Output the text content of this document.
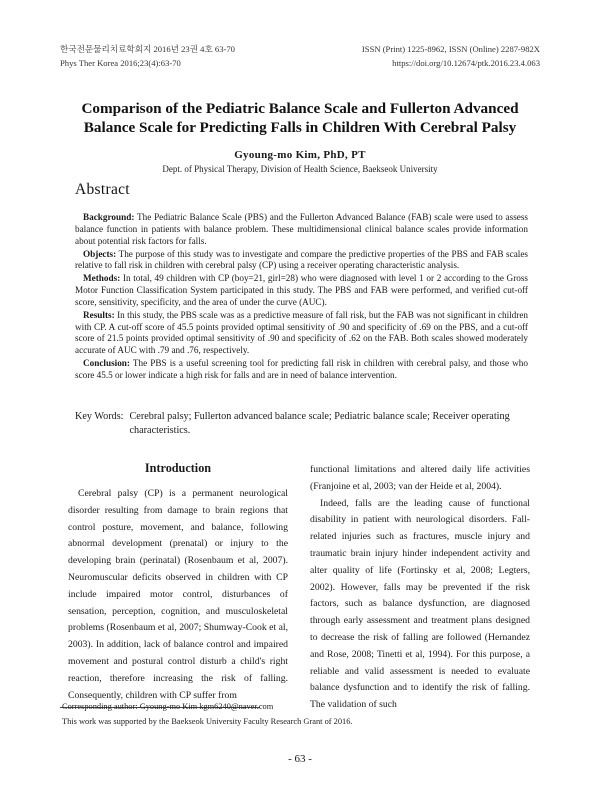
한국전문물리치료학회지 2016년 23권 4호 63-70
Phys Ther Korea 2016;23(4):63-70
ISSN (Print) 1225-8962, ISSN (Online) 2287-982X
https://doi.org/10.12674/ptk.2016.23.4.063
Comparison of the Pediatric Balance Scale and Fullerton Advanced
Balance Scale for Predicting Falls in Children With Cerebral Palsy
Gyoung-mo Kim, PhD, PT
Dept. of Physical Therapy, Division of Health Science, Baekseok University
Abstract

Background: The Pediatric Balance Scale (PBS) and the Fullerton Advanced Balance (FAB) scale were used to assess balance function in patients with balance problem. These multidimensional clinical balance scales provide information about potential risk factors for falls.

Objects: The purpose of this study was to investigate and compare the predictive properties of the PBS and FAB scales relative to fall risk in children with cerebral palsy (CP) using a receiver operating characteristic analysis.

Methods: In total, 49 children with CP (boy=21, girl=28) who were diagnosed with level 1 or 2 according to the Gross Motor Function Classification System participated in this study. The PBS and FAB were performed, and verified cut-off score, sensitivity, specificity, and the area of under the curve (AUC).

Results: In this study, the PBS scale was as a predictive measure of fall risk, but the FAB was not significant in children with CP. A cut-off score of 45.5 points provided optimal sensitivity of .90 and specificity of .69 on the PBS, and a cut-off score of 21.5 points provided optimal sensitivity of .90 and specificity of .62 on the FAB. Both scales showed moderately accurate of AUC with .79 and .76, respectively.

Conclusion: The PBS is a useful screening tool for predicting fall risk in children with cerebral palsy, and those who score 45.5 or lower indicate a high risk for falls and are in need of balance intervention.

Key Words: Cerebral palsy; Fullerton advanced balance scale; Pediatric balance scale; Receiver operating characteristics.
Introduction

Cerebral palsy (CP) is a permanent neurological disorder resulting from damage to brain regions that control posture, movement, and balance, following abnormal development (prenatal) or injury to the developing brain (perinatal) (Rosenbaum et al, 2007). Neuromuscular deficits observed in children with CP include impaired motor control, disturbances of sensation, perception, cognition, and musculoskeletal problems (Rosenbaum et al, 2007; Shumway-Cook et al, 2003). In addition, lack of balance control and impaired movement and postural control disturb a child's right reaction, therefore increasing the risk of falling. Consequently, children with CP suffer from

functional limitations and altered daily life activities (Franjoine et al, 2003; van der Heide et al, 2004).

Indeed, falls are the leading cause of functional disability in patient with neurological disorders. Fall-related injuries such as fractures, muscle injury and traumatic brain injury hinder independent activity and alter quality of life (Fortinsky et al, 2008; Legters, 2002). However, falls may be prevented if the risk factors, such as balance dysfunction, are diagnosed through early assessment and treatment plans designed to decrease the risk of falling are followed (Hernandez and Rose, 2008; Tinetti et al, 1994). For this purpose, a reliable and valid assessment is needed to evaluate balance dysfunction and to identify the risk of falling. The validation of such

Corresponding author: Gyoung-mo Kim kgm6240@naver.com
This work was supported by the Baekseok University Faculty Research Grant of 2016.
- 63 -
